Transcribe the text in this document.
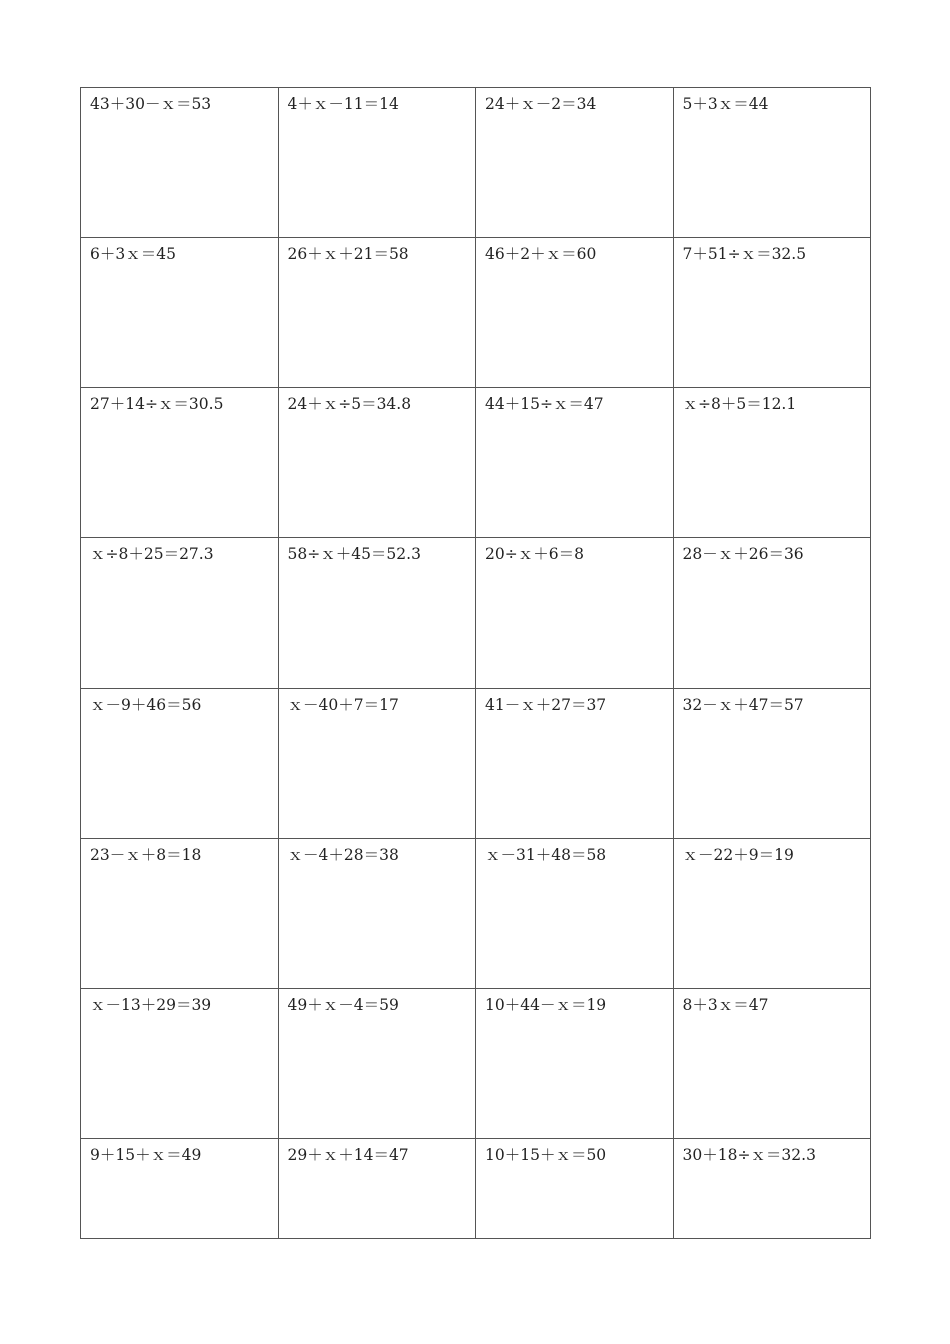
43＋30－ｘ＝53	4＋ｘ－11＝14	24＋ｘ－2＝34	5＋3ｘ＝44
6＋3ｘ＝45	26＋ｘ＋21＝58	46＋2＋ｘ＝60	7＋51÷ｘ＝32.5
27＋14÷ｘ＝30.5	24＋ｘ÷5＝34.8	44＋15÷ｘ＝47	ｘ÷8＋5＝12.1
ｘ÷8＋25＝27.3	58÷ｘ＋45＝52.3	20÷ｘ＋6＝8	28－ｘ＋26＝36
ｘ－9＋46＝56	ｘ－40＋7＝17	41－ｘ＋27＝37	32－ｘ＋47＝57
23－ｘ＋8＝18	ｘ－4＋28＝38	ｘ－31＋48＝58	ｘ－22＋9＝19
ｘ－13＋29＝39	49＋ｘ－4＝59	10＋44－ｘ＝19	8＋3ｘ＝47
9＋15＋ｘ＝49	29＋ｘ＋14＝47	10＋15＋ｘ＝50	30＋18÷ｘ＝32.3
